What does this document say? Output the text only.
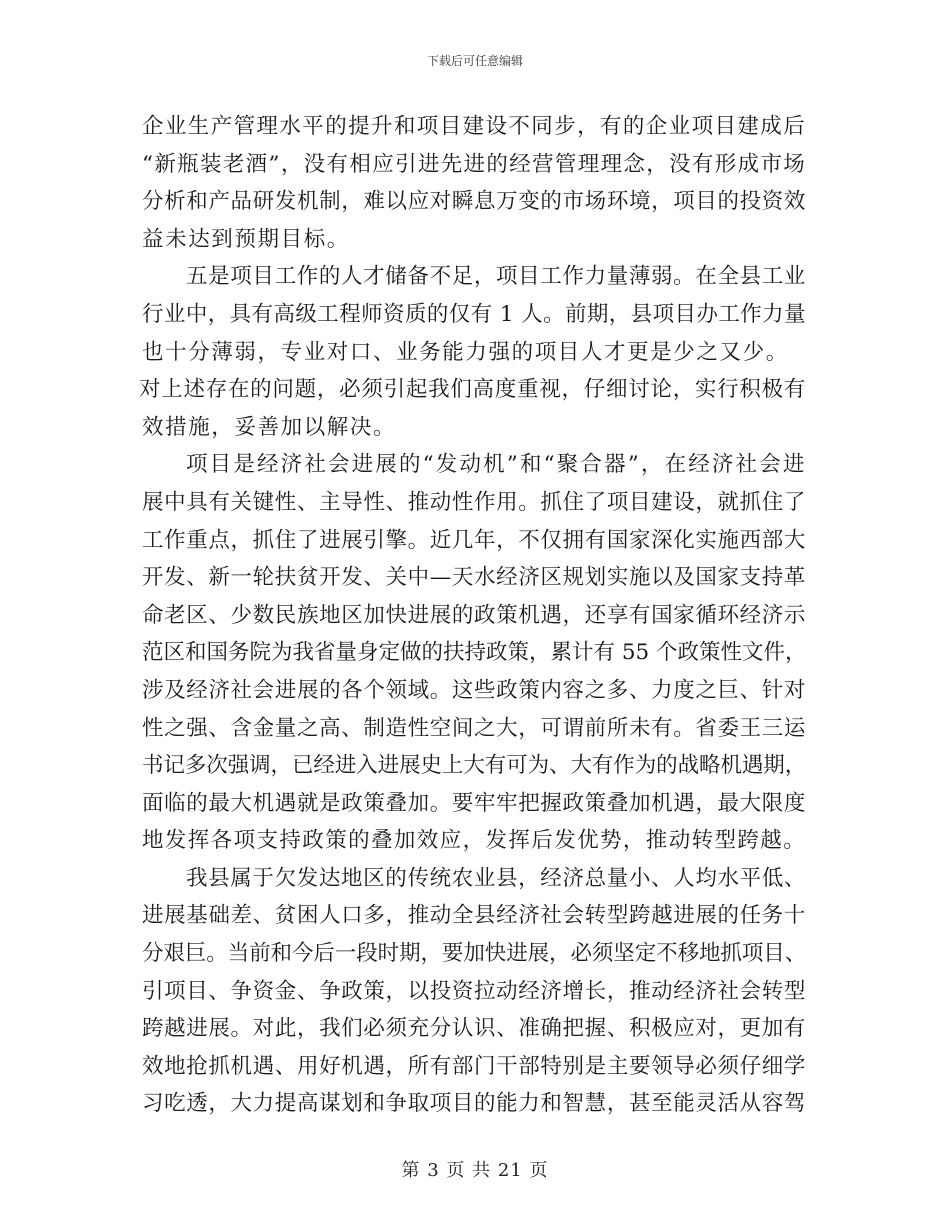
下载后可任意编辑
企业生产管理水平的提升和项目建设不同步，有的企业项目建成后
“新瓶装老酒”，没有相应引进先进的经营管理理念，没有形成市场
分析和产品研发机制，难以应对瞬息万变的市场环境，项目的投资效
益未达到预期目标。
五是项目工作的人才储备不足，项目工作力量薄弱。在全县工业
行业中，具有高级工程师资质的仅有 1 人。前期，县项目办工作力量
也十分薄弱，专业对口、业务能力强的项目人才更是少之又少。
对上述存在的问题，必须引起我们高度重视，仔细讨论，实行积极有
效措施，妥善加以解决。
项目是经济社会进展的“发动机”和“聚合器”，在经济社会进
展中具有关键性、主导性、推动性作用。抓住了项目建设，就抓住了
工作重点，抓住了进展引擎。近几年，不仅拥有国家深化实施西部大
开发、新一轮扶贫开发、关中—天水经济区规划实施以及国家支持革
命老区、少数民族地区加快进展的政策机遇，还享有国家循环经济示
范区和国务院为我省量身定做的扶持政策，累计有 55 个政策性文件，
涉及经济社会进展的各个领域。这些政策内容之多、力度之巨、针对
性之强、含金量之高、制造性空间之大，可谓前所未有。省委王三运
书记多次强调，已经进入进展史上大有可为、大有作为的战略机遇期，
面临的最大机遇就是政策叠加。要牢牢把握政策叠加机遇，最大限度
地发挥各项支持政策的叠加效应，发挥后发优势，推动转型跨越。
我县属于欠发达地区的传统农业县，经济总量小、人均水平低、
进展基础差、贫困人口多，推动全县经济社会转型跨越进展的任务十
分艰巨。当前和今后一段时期，要加快进展，必须坚定不移地抓项目、
引项目、争资金、争政策，以投资拉动经济增长，推动经济社会转型
跨越进展。对此，我们必须充分认识、准确把握、积极应对，更加有
效地抢抓机遇、用好机遇，所有部门干部特别是主要领导必须仔细学
习吃透，大力提高谋划和争取项目的能力和智慧，甚至能灵活从容驾
第 3 页 共 21 页
